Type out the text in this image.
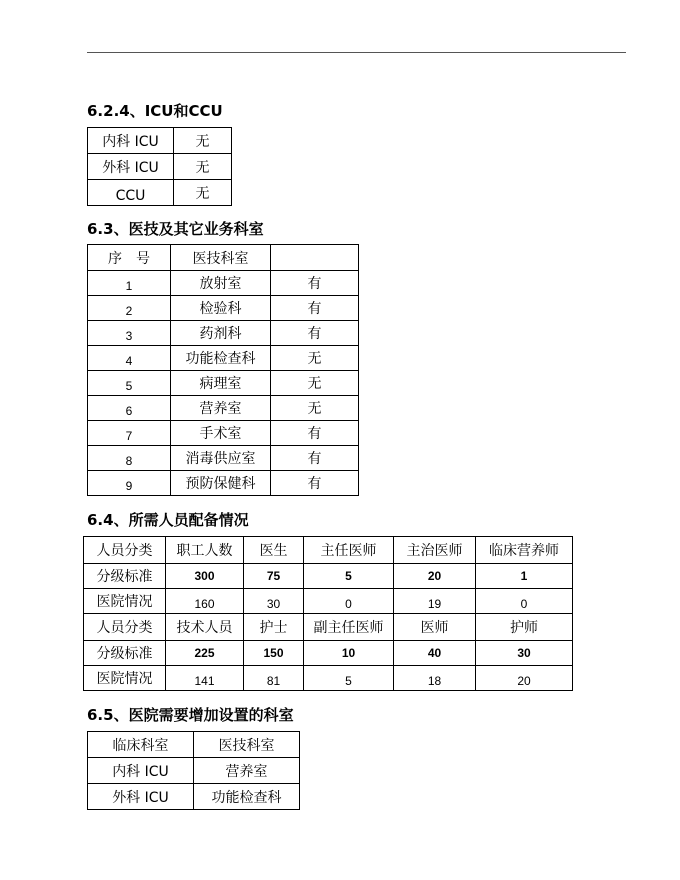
6.2.4、ICU和CCU
内科 ICU	无
外科 ICU	无
CCU	无
6.3、医技及其它业务科室
序　号	医技科室	
1	放射室	有
2	检验科	有
3	药剂科	有
4	功能检查科	无
5	病理室	无
6	营养室	无
7	手术室	有
8	消毒供应室	有
9	预防保健科	有
6.4、所需人员配备情况
人员分类	职工人数	医生	主任医师	主治医师	临床营养师
分级标准	300	75	5	20	1
医院情况	160	30	0	19	0
人员分类	技术人员	护士	副主任医师	医师	护师
分级标准	225	150	10	40	30
医院情况	141	81	5	18	20
6.5、医院需要增加设置的科室
临床科室	医技科室
内科 ICU	营养室
外科 ICU	功能检查科
